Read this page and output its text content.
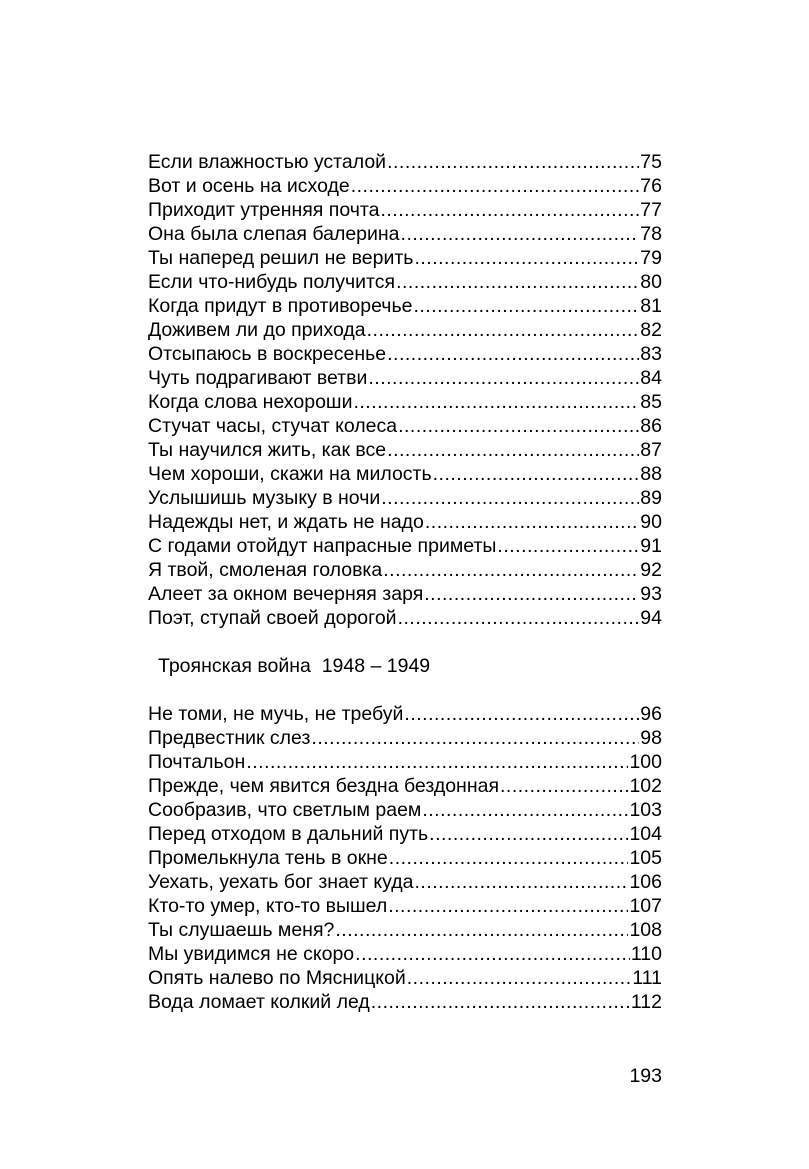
Если влажностью усталой .....	75
Вот и осень на исходе .....	76
Приходит утренняя почта .....	77
Она была слепая балерина .....	78
Ты наперед решил не верить .....	79
Если что-нибудь получится .....	80
Когда придут в противоречье .....	81
Доживем ли до прихода .....	82
Отсыпаюсь в воскресенье .....	83
Чуть подрагивают ветви .....	84
Когда слова нехороши .....	85
Стучат часы, стучат колеса .....	86
Ты научился жить, как все .....	87
Чем хороши, скажи на милость .....	88
Услышишь музыку в ночи .....	89
Надежды нет, и ждать не надо .....	90
С годами отойдут напрасные приметы .....	91
Я твой, смоленая головка .....	92
Алеет за окном вечерняя заря .....	93
Поэт, ступай своей дорогой .....	94
Троянская война  1948 – 1949
Не томи, не мучь, не требуй .....	96
Предвестник слез .....	98
Почтальон .....	100
Прежде, чем явится бездна бездонная .....	102
Сообразив, что светлым раем .....	103
Перед отходом в дальний путь .....	104
Промелькнула тень в окне .....	105
Уехать, уехать бог знает куда .....	106
Кто-то умер, кто-то вышел .....	107
Ты слушаешь меня? .....	108
Мы увидимся не скоро .....	110
Опять налево по Мясницкой .....	111
Вода ломает колкий лед .....	112
193
